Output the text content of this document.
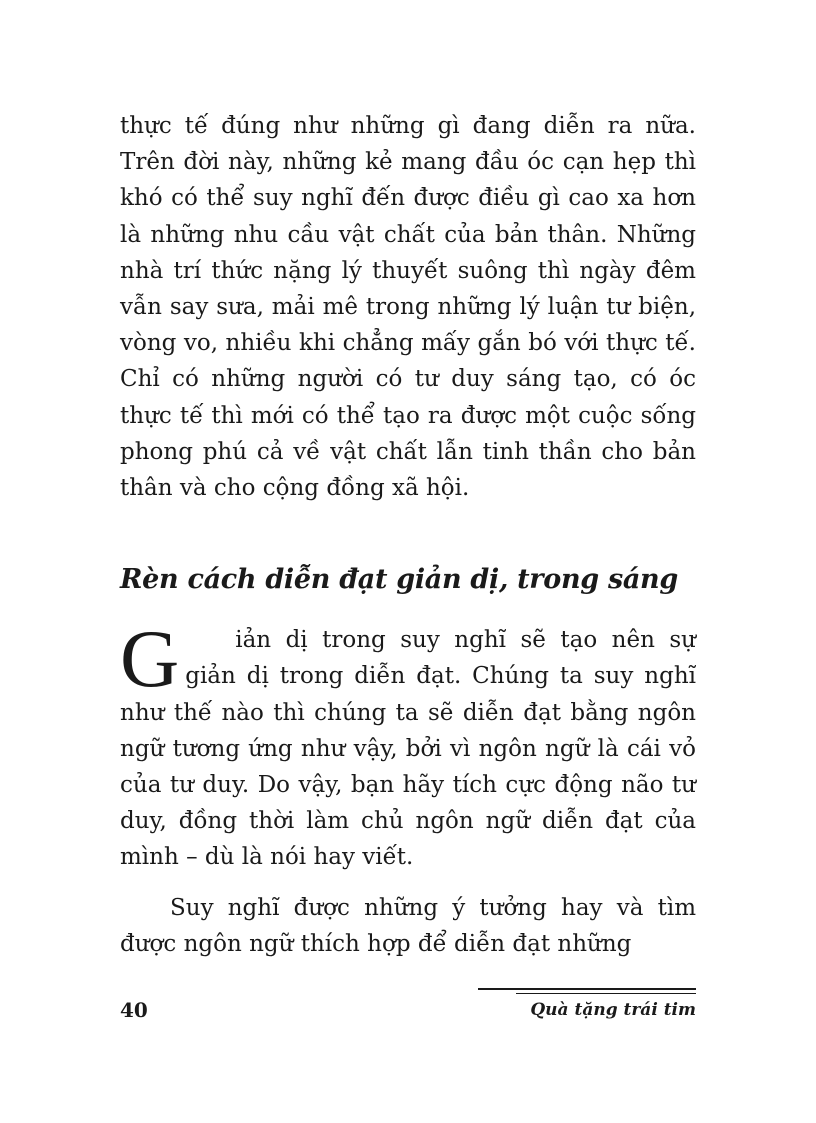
thực tế đúng như những gì đang diễn ra nữa. Trên đời này, những kẻ mang đầu óc cạn hẹp thì khó có thể suy nghĩ đến được điều gì cao xa hơn là những nhu cầu vật chất của bản thân. Những nhà trí thức nặng lý thuyết suông thì ngày đêm vẫn say sưa, mải mê trong những lý luận tư biện, vòng vo, nhiều khi chẳng mấy gắn bó với thực tế. Chỉ có những người có tư duy sáng tạo, có óc thực tế thì mới có thể tạo ra được một cuộc sống phong phú cả về vật chất lẫn tinh thần cho bản thân và cho cộng đồng xã hội.

Rèn cách diễn đạt giản dị, trong sáng

G iản dị trong suy nghĩ sẽ tạo nên sự giản dị trong diễn đạt. Chúng ta suy nghĩ như thế nào thì chúng ta sẽ diễn đạt bằng ngôn ngữ tương ứng như vậy, bởi vì ngôn ngữ là cái vỏ của tư duy. Do vậy, bạn hãy tích cực động não tư duy, đồng thời làm chủ ngôn ngữ diễn đạt của mình – dù là nói hay viết.

Suy nghĩ được những ý tưởng hay và tìm được ngôn ngữ thích hợp để diễn đạt những

40	Quà tặng trái tim
